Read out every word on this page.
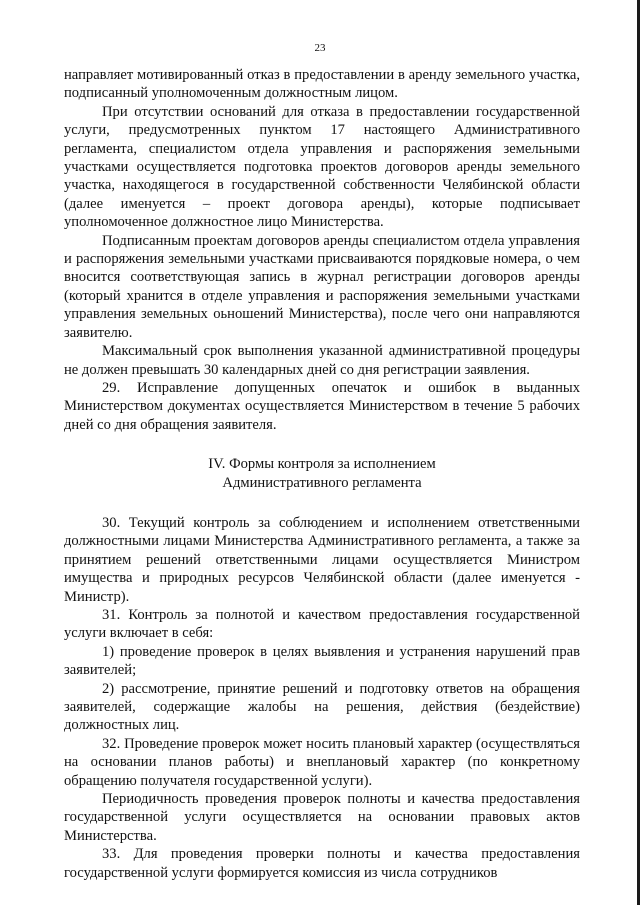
23

направляет мотивированный отказ в предоставлении в аренду земельного участка, подписанный уполномоченным должностным лицом.

При отсутствии оснований для отказа в предоставлении государственной услуги, предусмотренных пунктом 17 настоящего Административного регламента, специалистом отдела управления и распоряжения земельными участками осуществляется подготовка проектов договоров аренды земельного участка, находящегося в государственной собственности Челябинской области (далее именуется – проект договора аренды), которые подписывает уполномоченное должностное лицо Министерства.

Подписанным проектам договоров аренды специалистом отдела управления и распоряжения земельными участками присваиваются порядковые номера, о чем вносится соответствующая запись в журнал регистрации договоров аренды (который хранится в отделе управления и распоряжения земельными участками управления земельных оьношений Министерства), после чего они направляются заявителю.

Максимальный срок выполнения указанной административной процедуры не должен превышать 30 календарных дней со дня регистрации заявления.

29. Исправление допущенных опечаток и ошибок в выданных Министерством документах осуществляется Министерством в течение 5 рабочих дней со дня обращения заявителя.

IV. Формы контроля за исполнением
Административного регламента

30. Текущий контроль за соблюдением и исполнением ответственными должностными лицами Министерства Административного регламента, а также за принятием решений ответственными лицами осуществляется Министром имущества и природных ресурсов Челябинской области (далее именуется - Министр).

31. Контроль за полнотой и качеством предоставления государственной услуги включает в себя:

1) проведение проверок в целях выявления и устранения нарушений прав заявителей;

2) рассмотрение, принятие решений и подготовку ответов на обращения заявителей, содержащие жалобы на решения, действия (бездействие) должностных лиц.

32. Проведение проверок может носить плановый характер (осуществляться на основании планов работы) и внеплановый характер (по конкретному обращению получателя государственной услуги).

Периодичность проведения проверок полноты и качества предоставления государственной услуги осуществляется на основании правовых актов Министерства.

33. Для проведения проверки полноты и качества предоставления государственной услуги формируется комиссия из числа сотрудников
